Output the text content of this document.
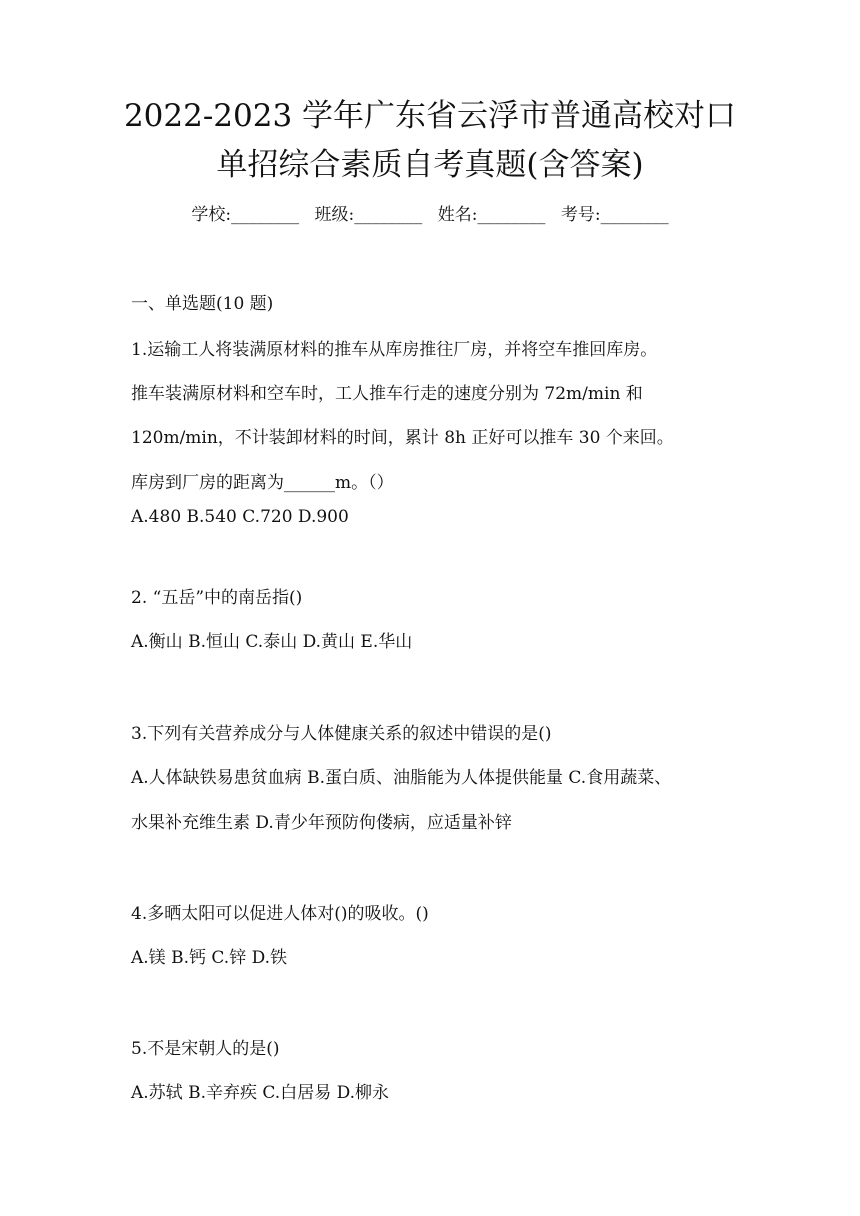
2022-2023 学年广东省云浮市普通高校对口
单招综合素质自考真题(含答案)
学校:________ 班级:________ 姓名:________ 考号:________
一、单选题(10 题)
1.运输工人将装满原材料的推车从库房推往厂房，并将空车推回库房。
推车装满原材料和空车时，工人推车行走的速度分别为 72m/min 和
120m/min，不计装卸材料的时间，累计 8h 正好可以推车 30 个来回。
库房到厂房的距离为______m。（）
A.480 B.540 C.720 D.900
2. “五岳”中的南岳指()
A.衡山 B.恒山 C.泰山 D.黄山 E.华山
3.下列有关营养成分与人体健康关系的叙述中错误的是()
A.人体缺铁易患贫血病 B.蛋白质、油脂能为人体提供能量 C.食用蔬菜、
水果补充维生素 D.青少年预防佝偻病，应适量补锌
4.多晒太阳可以促进人体对()的吸收。()
A.镁 B.钙 C.锌 D.铁
5.不是宋朝人的是()
A.苏轼 B.辛弃疾 C.白居易 D.柳永
